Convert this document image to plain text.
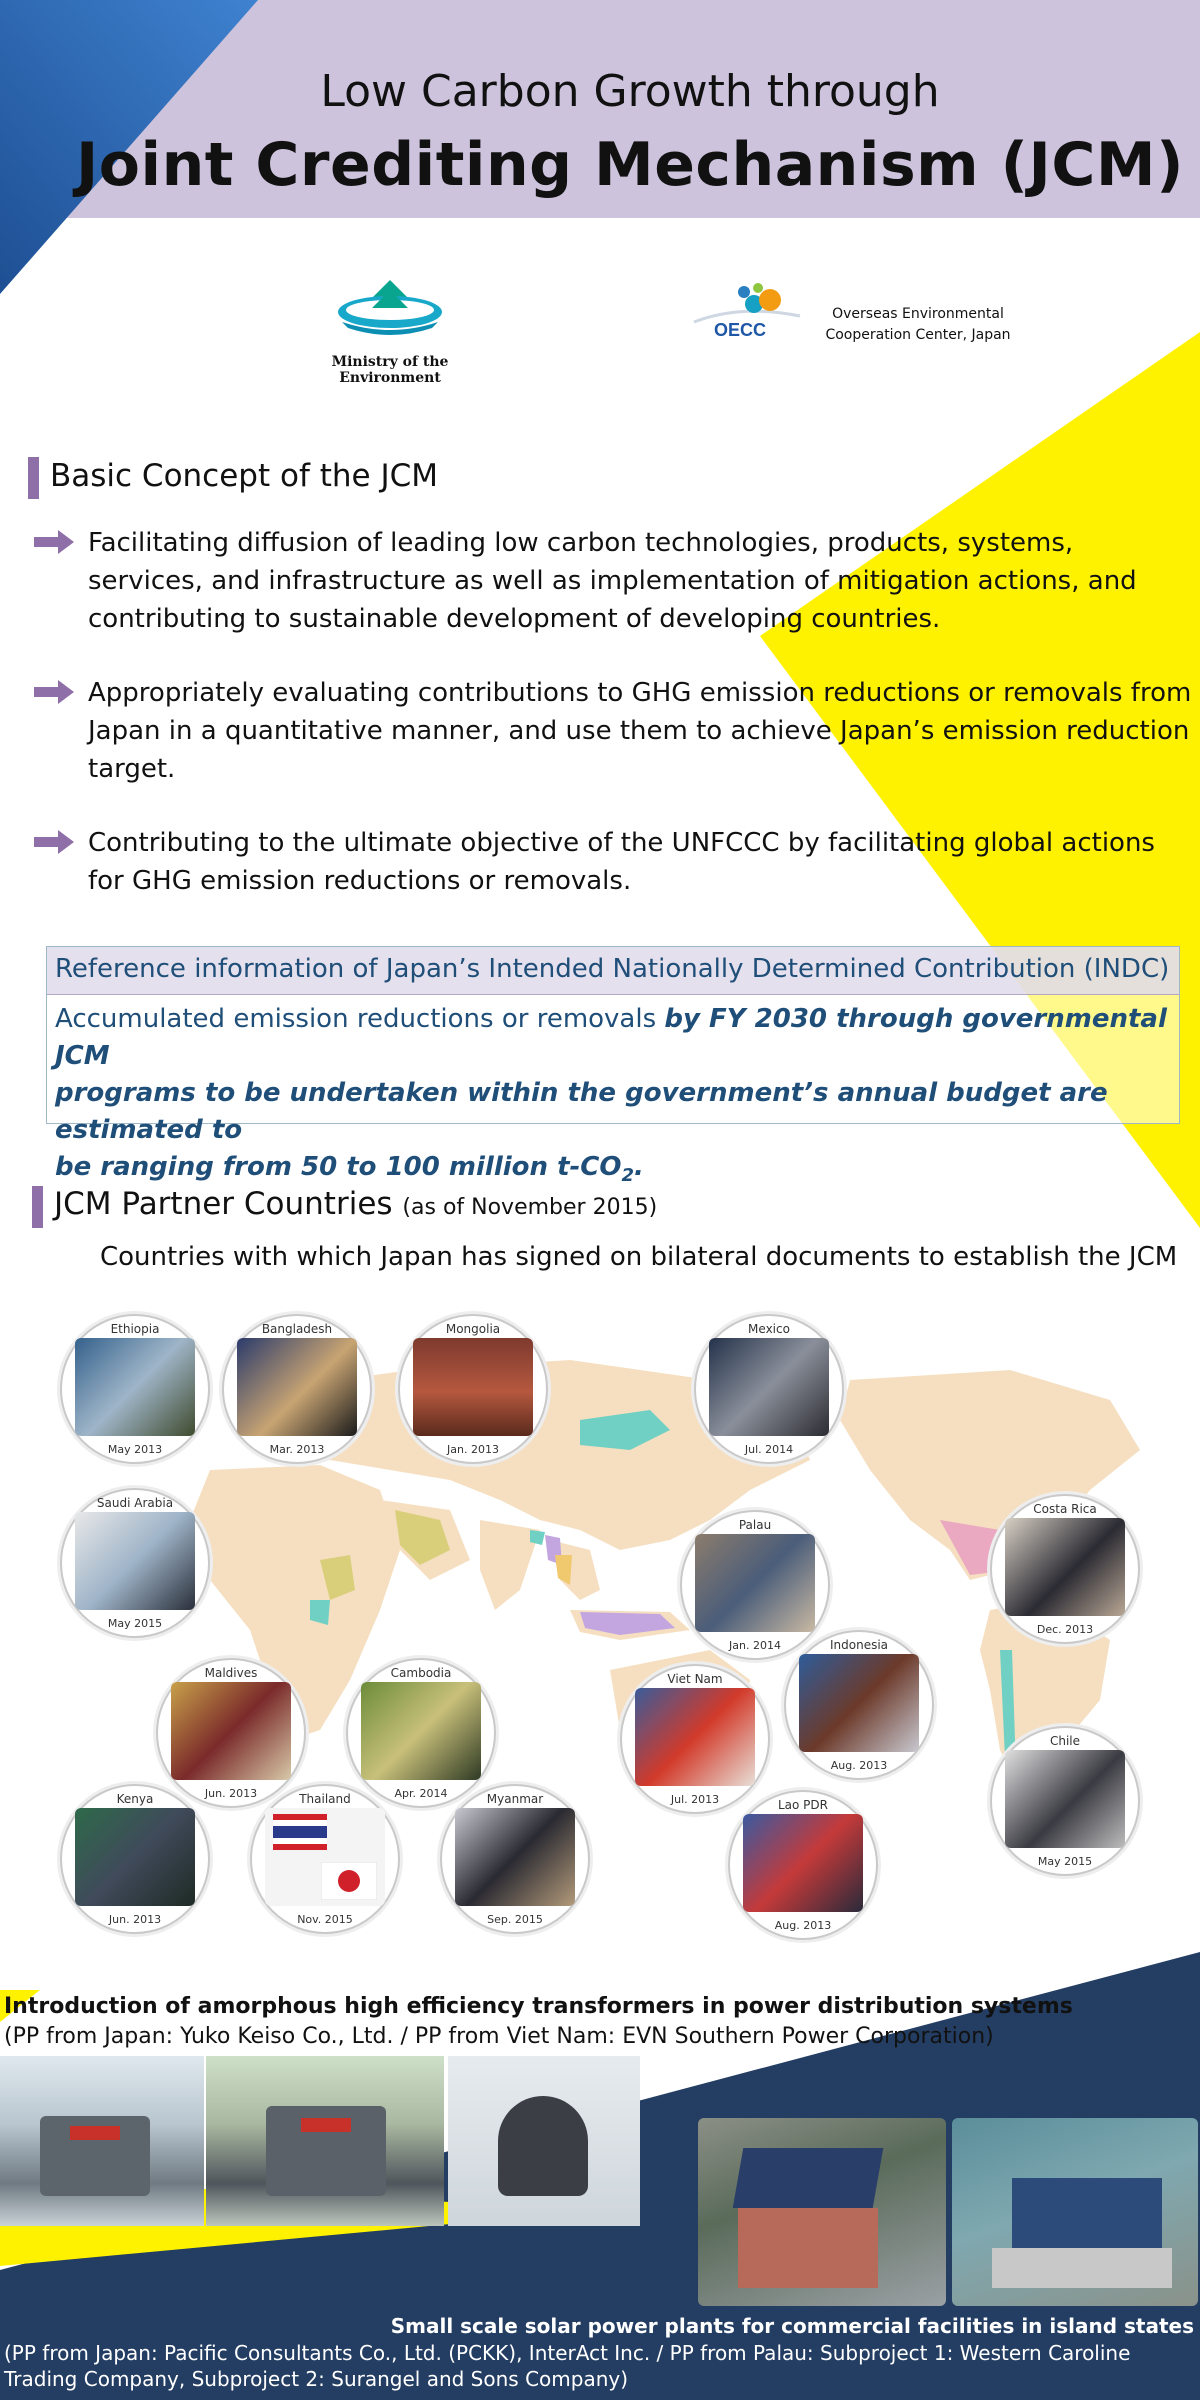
Low Carbon Growth through
Joint Crediting Mechanism (JCM)
Ministry of the Environment
OECC
Overseas Environmental
Cooperation Center, Japan
Basic Concept of the JCM
Facilitating diffusion of leading low carbon technologies, products, systems,
services, and infrastructure as well as implementation of mitigation actions, and
contributing to sustainable development of developing countries.
Appropriately evaluating contributions to GHG emission reductions or removals from
Japan in a quantitative manner, and use them to achieve Japan’s emission reduction
target.
Contributing to the ultimate objective of the UNFCCC by facilitating global actions
for GHG emission reductions or removals.
Reference information of Japan’s Intended Nationally Determined Contribution (INDC)
Accumulated emission reductions or removals by FY 2030 through governmental JCM
programs to be undertaken within the government’s annual budget are estimated to
be ranging from 50 to 100 million $t-CO_2$.
JCM Partner Countries (as of November 2015)
Countries with which Japan has signed on bilateral documents to establish the JCM
Ethiopia
May 2013
Bangladesh
Mar. 2013
Mongolia
Jan. 2013
Mexico
Jul. 2014
Saudi Arabia
May 2015
Costa Rica
Dec. 2013
Palau
Jan. 2014
Maldives
Jun. 2013
Cambodia
Apr. 2014
Viet Nam
Jul. 2013
Indonesia
Aug. 2013
Chile
May 2015
Kenya
Jun. 2013
Thailand
Nov. 2015
Myanmar
Sep. 2015
Lao PDR
Aug. 2013
Introduction of amorphous high efficiency transformers in power distribution systems
(PP from Japan: Yuko Keiso Co., Ltd. / PP from Viet Nam: EVN Southern Power Corporation)
Small scale solar power plants for commercial facilities in island states
(PP from Japan: Pacific Consultants Co., Ltd. (PCKK), InterAct Inc. / PP from Palau: Subproject 1: Western Caroline
Trading Company, Subproject 2: Surangel and Sons Company)
